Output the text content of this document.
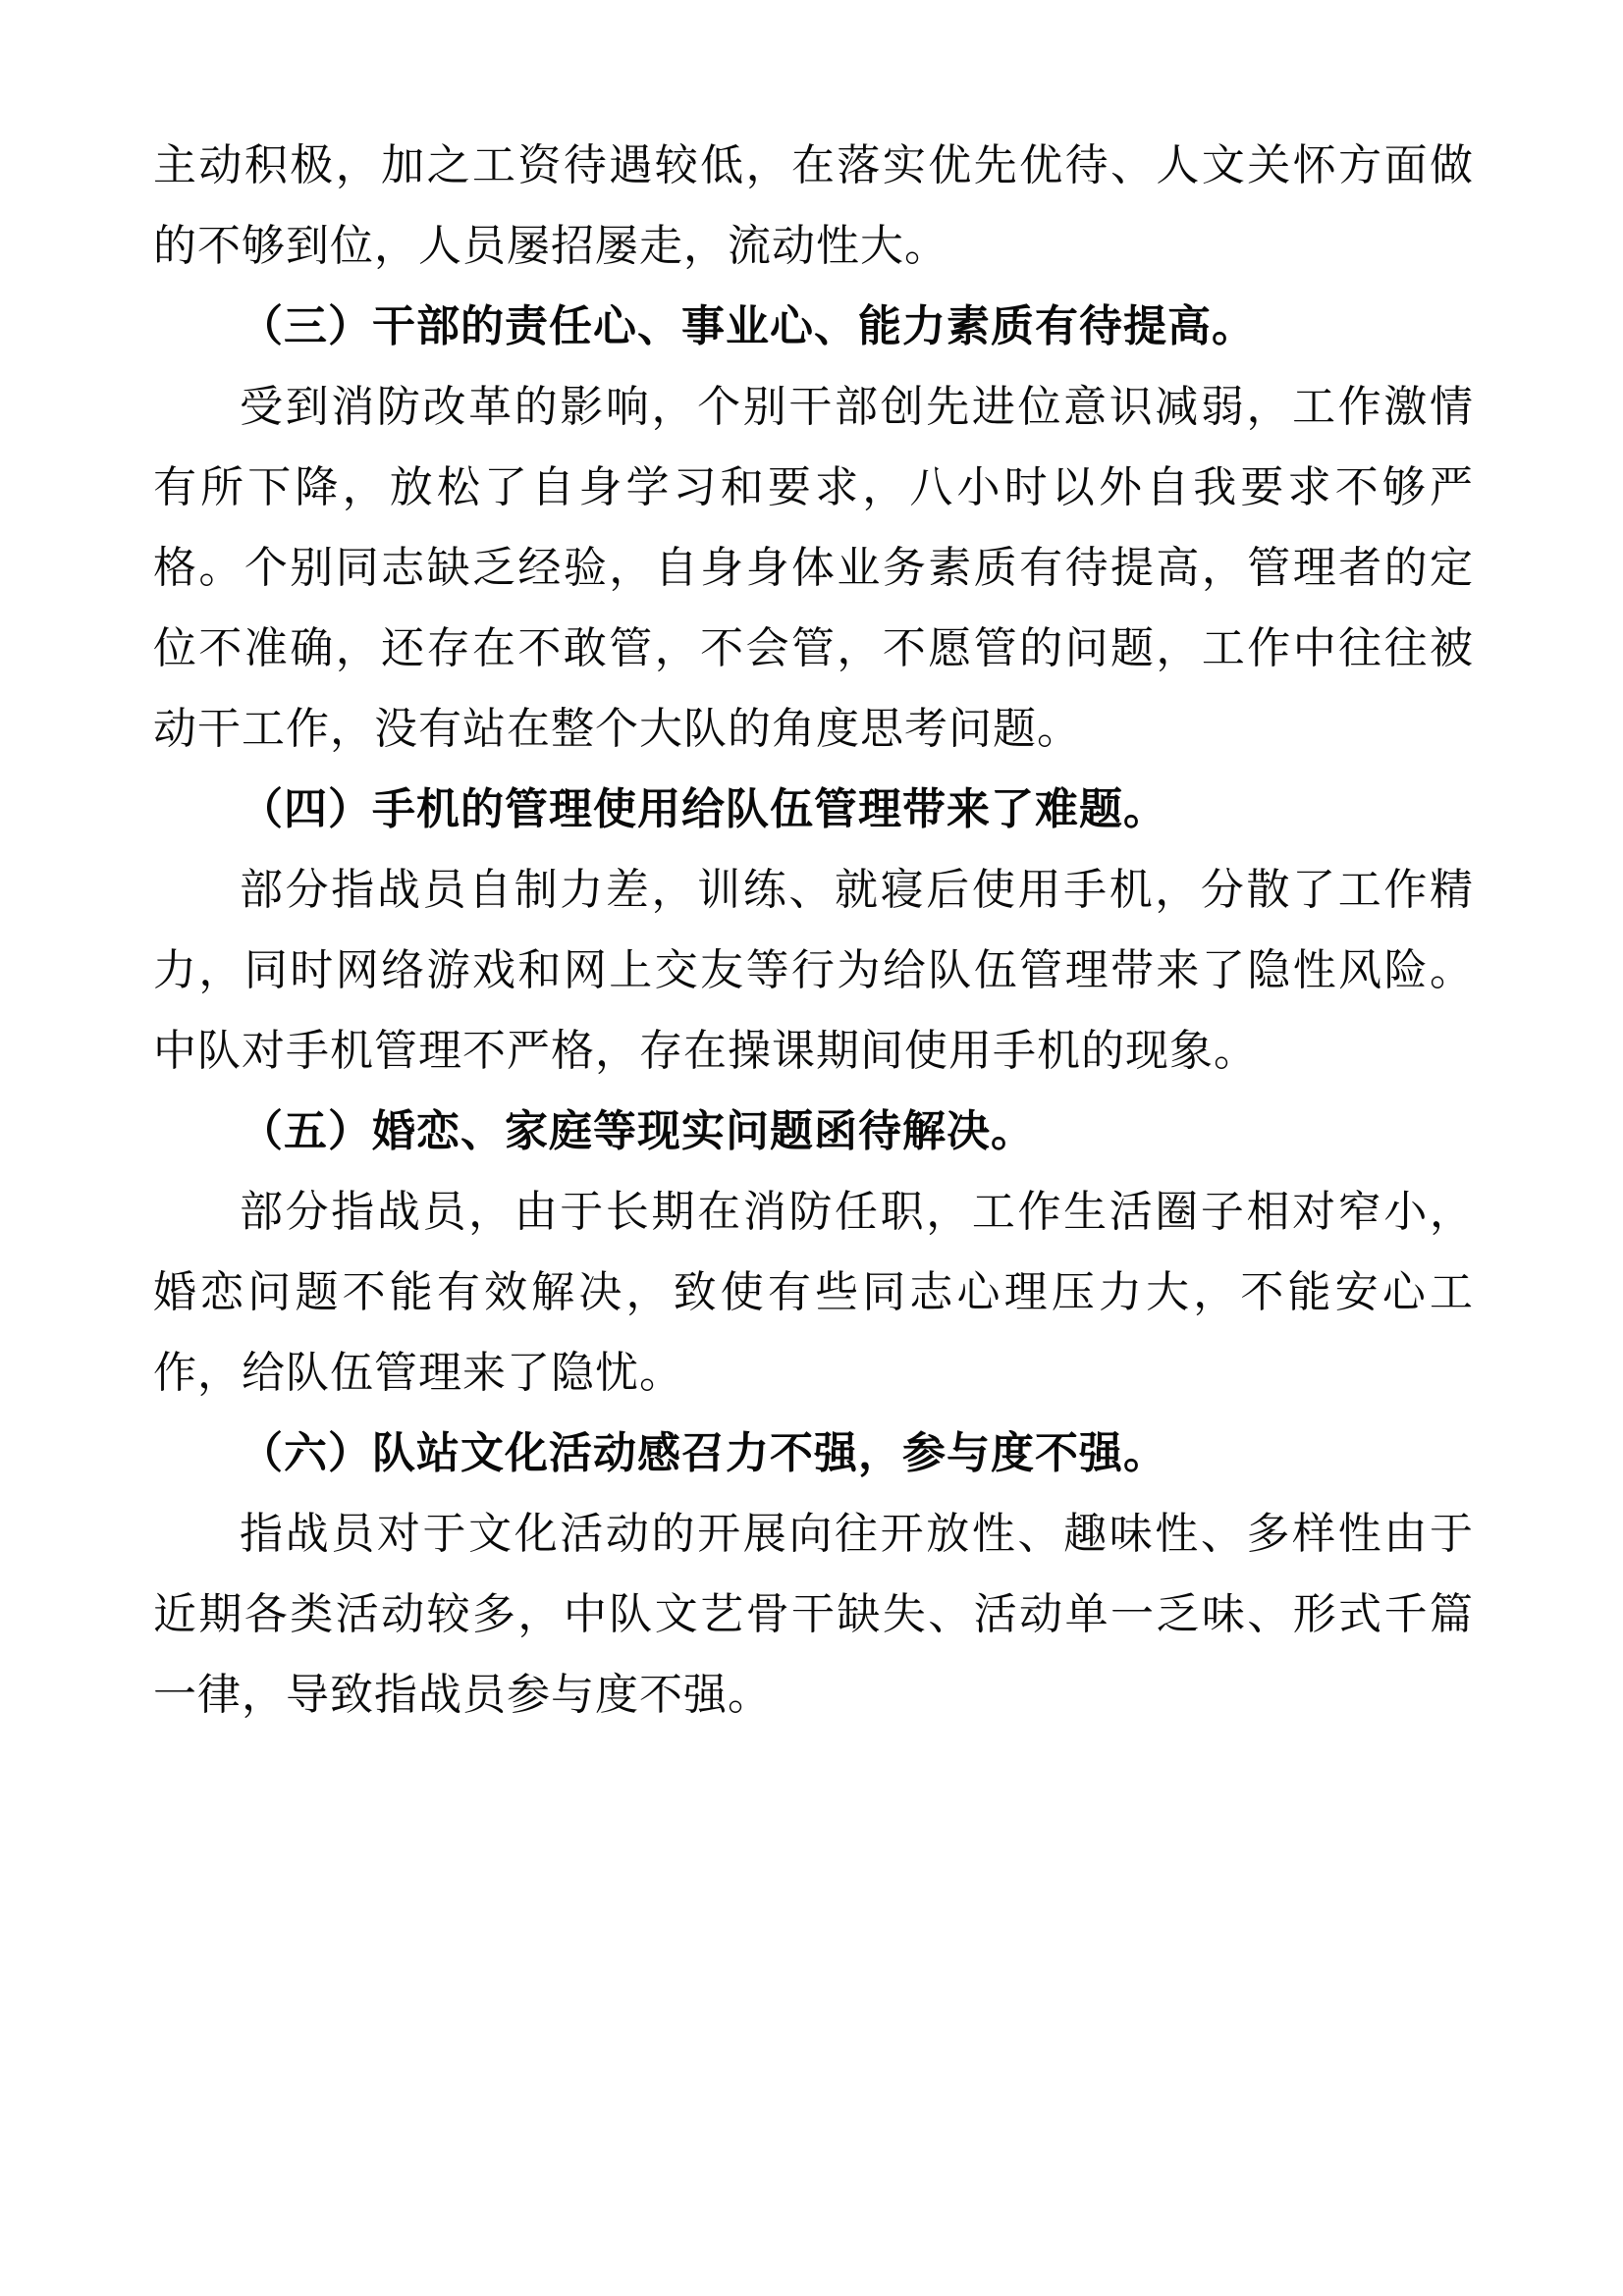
主动积极，加之工资待遇较低，在落实优先优待、人文关怀方面做的不够到位，人员屡招屡走，流动性大。

（三）干部的责任心、事业心、能力素质有待提高。

受到消防改革的影响，个别干部创先进位意识减弱，工作激情有所下降，放松了自身学习和要求，八小时以外自我要求不够严格。个别同志缺乏经验，自身身体业务素质有待提高，管理者的定位不准确，还存在不敢管，不会管，不愿管的问题，工作中往往被动干工作，没有站在整个大队的角度思考问题。

（四）手机的管理使用给队伍管理带来了难题。

部分指战员自制力差，训练、就寝后使用手机，分散了工作精力，同时网络游戏和网上交友等行为给队伍管理带来了隐性风险。中队对手机管理不严格，存在操课期间使用手机的现象。

（五）婚恋、家庭等现实问题函待解决。

部分指战员，由于长期在消防任职，工作生活圈子相对窄小，婚恋问题不能有效解决，致使有些同志心理压力大，不能安心工作，给队伍管理来了隐忧。

（六）队站文化活动感召力不强，参与度不强。

指战员对于文化活动的开展向往开放性、趣味性、多样性由于近期各类活动较多，中队文艺骨干缺失、活动单一乏味、形式千篇一律，导致指战员参与度不强。
